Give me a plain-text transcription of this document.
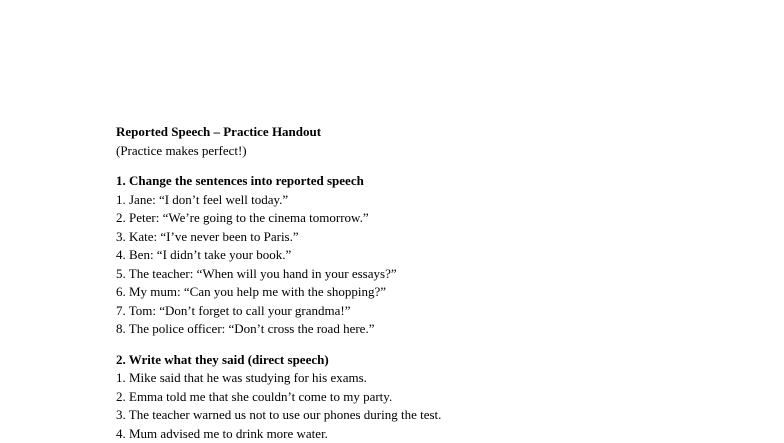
Reported Speech – Practice Handout
(Practice makes perfect!)
1. Change the sentences into reported speech
1. Jane: “I don’t feel well today.”
2. Peter: “We’re going to the cinema tomorrow.”
3. Kate: “I’ve never been to Paris.”
4. Ben: “I didn’t take your book.”
5. The teacher: “When will you hand in your essays?”
6. My mum: “Can you help me with the shopping?”
7. Tom: “Don’t forget to call your grandma!”
8. The police officer: “Don’t cross the road here.”
2. Write what they said (direct speech)
1. Mike said that he was studying for his exams.
2. Emma told me that she couldn’t come to my party.
3. The teacher warned us not to use our phones during the test.
4. Mum advised me to drink more water.
